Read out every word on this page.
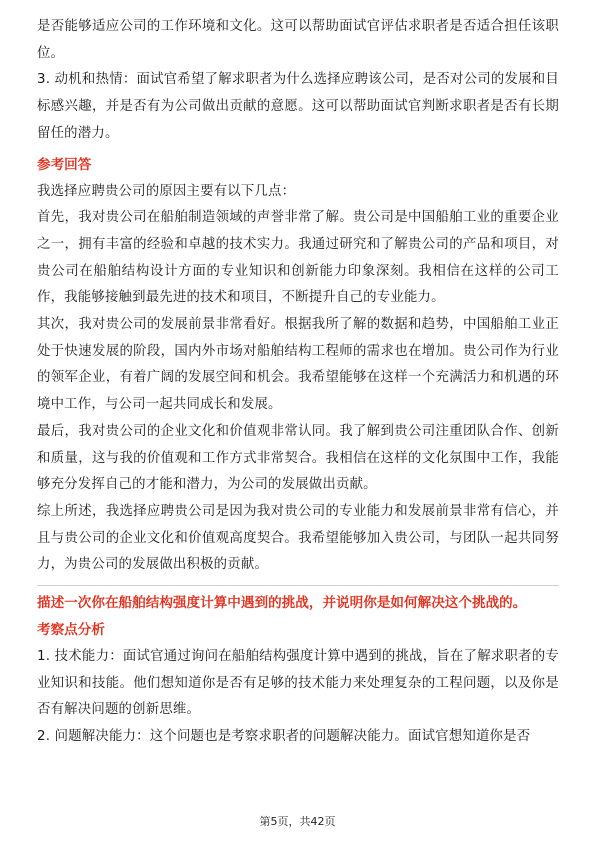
是否能够适应公司的工作环境和文化。这可以帮助面试官评估求职者是否适合担任该职位。

3. 动机和热情：面试官希望了解求职者为什么选择应聘该公司，是否对公司的发展和目标感兴趣，并是否有为公司做出贡献的意愿。这可以帮助面试官判断求职者是否有长期留任的潜力。

参考回答

我选择应聘贵公司的原因主要有以下几点：

首先，我对贵公司在船舶制造领域的声誉非常了解。贵公司是中国船舶工业的重要企业之一，拥有丰富的经验和卓越的技术实力。我通过研究和了解贵公司的产品和项目，对贵公司在船舶结构设计方面的专业知识和创新能力印象深刻。我相信在这样的公司工作，我能够接触到最先进的技术和项目，不断提升自己的专业能力。

其次，我对贵公司的发展前景非常看好。根据我所了解的数据和趋势，中国船舶工业正处于快速发展的阶段，国内外市场对船舶结构工程师的需求也在增加。贵公司作为行业的领军企业，有着广阔的发展空间和机会。我希望能够在这样一个充满活力和机遇的环境中工作，与公司一起共同成长和发展。

最后，我对贵公司的企业文化和价值观非常认同。我了解到贵公司注重团队合作、创新和质量，这与我的价值观和工作方式非常契合。我相信在这样的文化氛围中工作，我能够充分发挥自己的才能和潜力，为公司的发展做出贡献。

综上所述，我选择应聘贵公司是因为我对贵公司的专业能力和发展前景非常有信心，并且与贵公司的企业文化和价值观高度契合。我希望能够加入贵公司，与团队一起共同努力，为贵公司的发展做出积极的贡献。

描述一次你在船舶结构强度计算中遇到的挑战，并说明你是如何解决这个挑战的。

考察点分析

1. 技术能力：面试官通过询问在船舶结构强度计算中遇到的挑战，旨在了解求职者的专业知识和技能。他们想知道你是否有足够的技术能力来处理复杂的工程问题，以及你是否有解决问题的创新思维。

2. 问题解决能力：这个问题也是考察求职者的问题解决能力。面试官想知道你是否

第5页，共42页
